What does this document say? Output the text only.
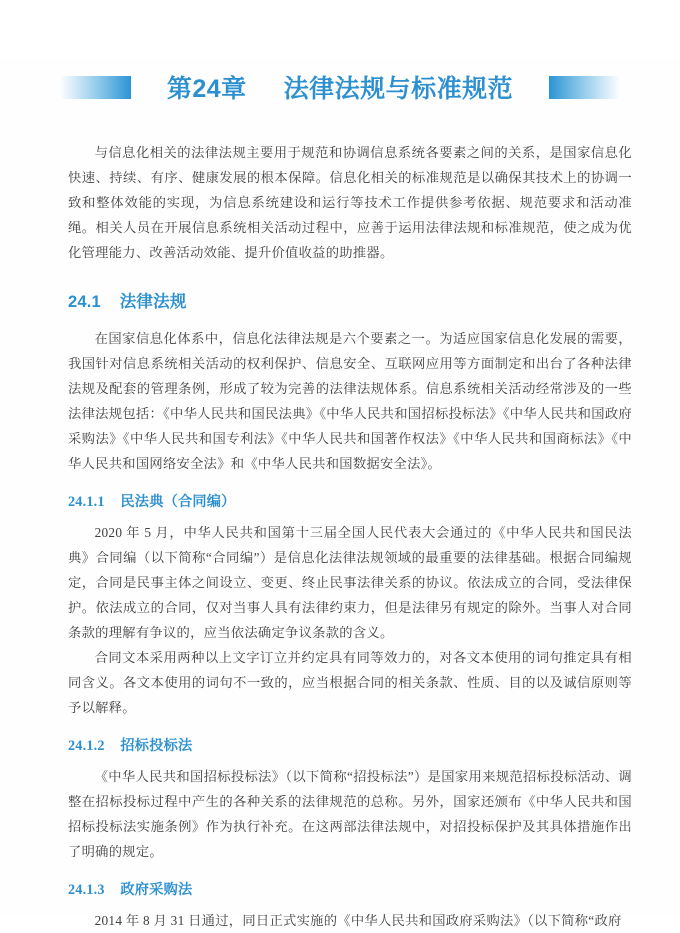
第24章 法律法规与标准规范

与信息化相关的法律法规主要用于规范和协调信息系统各要素之间的关系，是国家信息化快速、持续、有序、健康发展的根本保障。信息化相关的标准规范是以确保其技术上的协调一致和整体效能的实现，为信息系统建设和运行等技术工作提供参考依据、规范要求和活动准绳。相关人员在开展信息系统相关活动过程中，应善于运用法律法规和标准规范，使之成为优化管理能力、改善活动效能、提升价值收益的助推器。

24.1 法律法规

在国家信息化体系中，信息化法律法规是六个要素之一。为适应国家信息化发展的需要，我国针对信息系统相关活动的权利保护、信息安全、互联网应用等方面制定和出台了各种法律法规及配套的管理条例，形成了较为完善的法律法规体系。信息系统相关活动经常涉及的一些法律法规包括：《中华人民共和国民法典》《中华人民共和国招标投标法》《中华人民共和国政府采购法》《中华人民共和国专利法》《中华人民共和国著作权法》《中华人民共和国商标法》《中华人民共和国网络安全法》和《中华人民共和国数据安全法》。

24.1.1 民法典（合同编）

2020 年 5 月，中华人民共和国第十三届全国人民代表大会通过的《中华人民共和国民法典》合同编（以下简称“合同编”）是信息化法律法规领域的最重要的法律基础。根据合同编规定，合同是民事主体之间设立、变更、终止民事法律关系的协议。依法成立的合同，受法律保护。依法成立的合同，仅对当事人具有法律约束力，但是法律另有规定的除外。当事人对合同条款的理解有争议的，应当依法确定争议条款的含义。

合同文本采用两种以上文字订立并约定具有同等效力的，对各文本使用的词句推定具有相同含义。各文本使用的词句不一致的，应当根据合同的相关条款、性质、目的以及诚信原则等予以解释。

24.1.2 招标投标法

《中华人民共和国招标投标法》（以下简称“招投标法”）是国家用来规范招标投标活动、调整在招标投标过程中产生的各种关系的法律规范的总称。另外，国家还颁布《中华人民共和国招标投标法实施条例》作为执行补充。在这两部法律法规中，对招投标保护及其具体措施作出了明确的规定。

24.1.3 政府采购法

2014 年 8 月 31 日通过，同日正式实施的《中华人民共和国政府采购法》（以下简称“政府
